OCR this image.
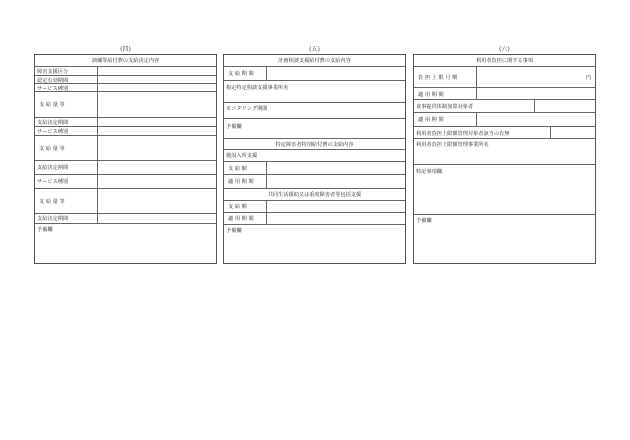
(四)	(五)	(六)
訓練等給付費の支給決定内容
障害支援区分
認定有効期間
サービス種別
支 給 量 等
支給決定期間
サービス種別
支 給 量 等
支給決定期間
サービス種別
支 給 量 等
支給決定期間
予備欄
計画相談支援給付費の支給内容
支 給 期 間
指定特定相談支援事業所名
モニタリング期間
予備欄
特定障害者特別給付費の支給内容
施設入所支援
支 給 額
適 用 期 間
共同生活援助又は重度障害者等包括支援
支 給 額
適 用 期 間
予備欄
利用者負担に関する事項
負 担 上 限 月 額	円
適 用 期 間
食事提供体制加算対象者
適 用 期 間
利用者負担上限額管理対象者該当の有無
利用者負担上限額管理事業所名
特記事項欄
予備欄
